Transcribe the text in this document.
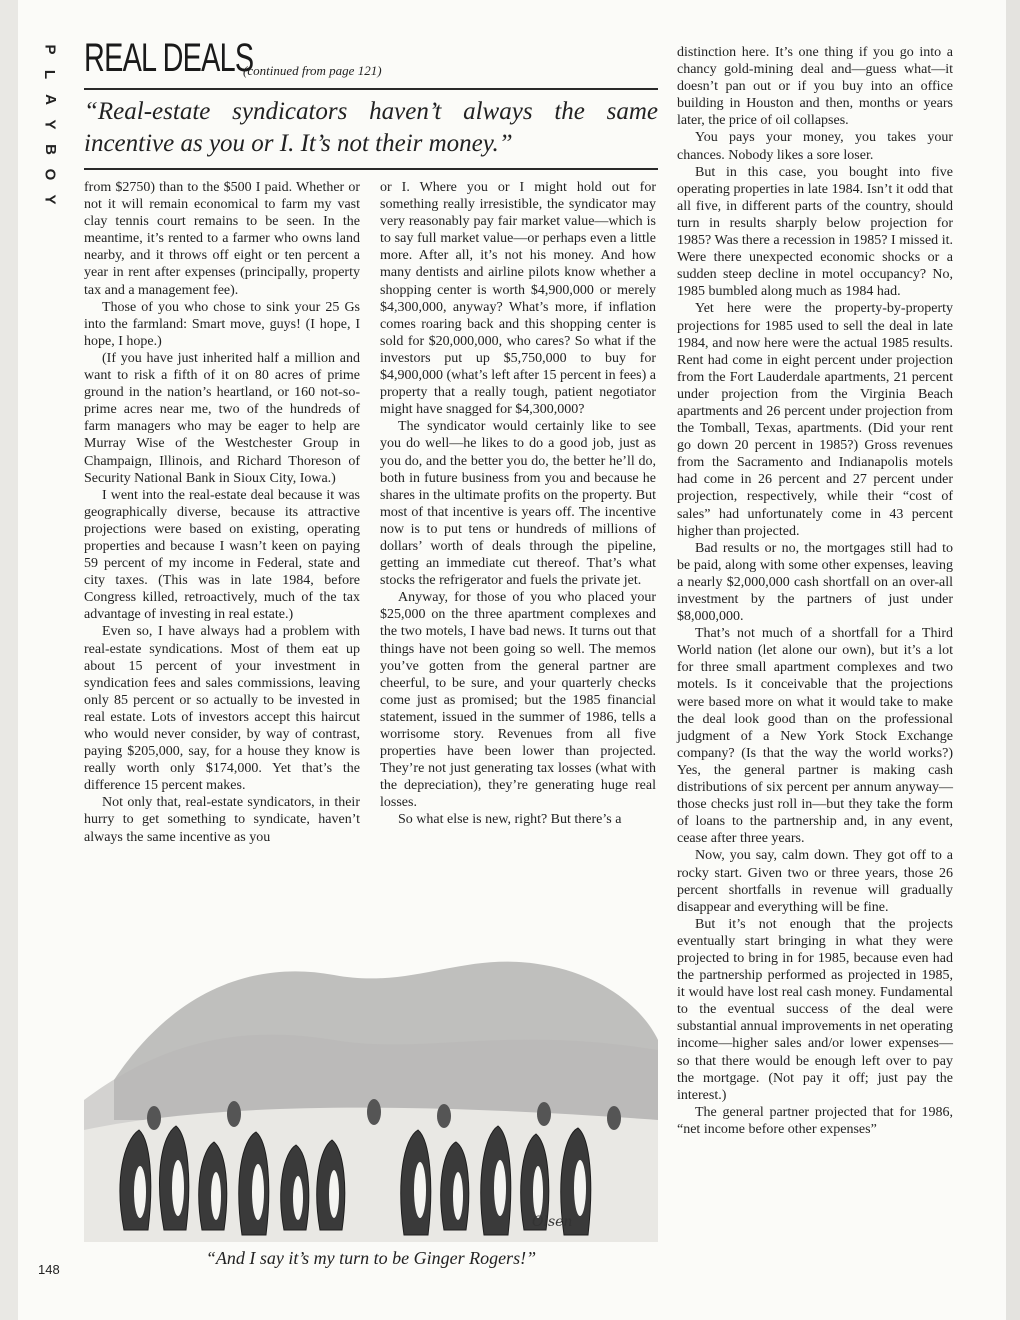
P
L
A
Y
B
O
Y
REAL DEALS
(continued from page 121)
“Real-estate syndicators haven’t always the same incentive as you or I. It’s not their money.”

from $2750) than to the $500 I paid. Whether or not it will remain economical to farm my vast clay tennis court remains to be seen. In the meantime, it’s rented to a farmer who owns land nearby, and it throws off eight or ten percent a year in rent after expenses (principally, property tax and a management fee).

Those of you who chose to sink your 25 Gs into the farmland: Smart move, guys! (I hope, I hope, I hope.)

(If you have just inherited half a million and want to risk a fifth of it on 80 acres of prime ground in the nation’s heartland, or 160 not-so-prime acres near me, two of the hundreds of farm managers who may be eager to help are Murray Wise of the Westchester Group in Champaign, Illinois, and Richard Thoreson of Security National Bank in Sioux City, Iowa.)

I went into the real-estate deal because it was geographically diverse, because its attractive projections were based on existing, operating properties and because I wasn’t keen on paying 59 percent of my income in Federal, state and city taxes. (This was in late 1984, before Congress killed, retroactively, much of the tax advantage of investing in real estate.)

Even so, I have always had a problem with real-estate syndications. Most of them eat up about 15 percent of your investment in syndication fees and sales commissions, leaving only 85 percent or so actually to be invested in real estate. Lots of investors accept this haircut who would never consider, by way of contrast, paying $205,000, say, for a house they know is really worth only $174,000. Yet that’s the difference 15 percent makes.

Not only that, real-estate syndicators, in their hurry to get something to syndicate, haven’t always the same incentive as you

or I. Where you or I might hold out for something really irresistible, the syndicator may very reasonably pay fair market value—which is to say full market value—or perhaps even a little more. After all, it’s not his money. And how many dentists and airline pilots know whether a shopping center is worth $4,900,000 or merely $4,300,000, anyway? What’s more, if inflation comes roaring back and this shopping center is sold for $20,000,000, who cares? So what if the investors put up $5,750,000 to buy for $4,900,000 (what’s left after 15 percent in fees) a property that a really tough, patient negotiator might have snagged for $4,300,000?

The syndicator would certainly like to see you do well—he likes to do a good job, just as you do, and the better you do, the better he’ll do, both in future business from you and because he shares in the ultimate profits on the property. But most of that incentive is years off. The incentive now is to put tens or hundreds of millions of dollars’ worth of deals through the pipeline, getting an immediate cut thereof. That’s what stocks the refrigerator and fuels the private jet.

Anyway, for those of you who placed your $25,000 on the three apartment complexes and the two motels, I have bad news. It turns out that things have not been going so well. The memos you’ve gotten from the general partner are cheerful, to be sure, and your quarterly checks come just as promised; but the 1985 financial statement, issued in the summer of 1986, tells a worrisome story. Revenues from all five properties have been lower than projected. They’re not just generating tax losses (what with the depreciation), they’re generating huge real losses.

So what else is new, right? But there’s a

distinction here. It’s one thing if you go into a chancy gold-mining deal and—guess what—it doesn’t pan out or if you buy into an office building in Houston and then, months or years later, the price of oil collapses.

You pays your money, you takes your chances. Nobody likes a sore loser.

But in this case, you bought into five operating properties in late 1984. Isn’t it odd that all five, in different parts of the country, should turn in results sharply below projection for 1985? Was there a recession in 1985? I missed it. Were there unexpected economic shocks or a sudden steep decline in motel occupancy? No, 1985 bumbled along much as 1984 had.

Yet here were the property-by-property projections for 1985 used to sell the deal in late 1984, and now here were the actual 1985 results. Rent had come in eight percent under projection from the Fort Lauderdale apartments, 21 percent under projection from the Virginia Beach apartments and 26 percent under projection from the Tomball, Texas, apartments. (Did your rent go down 20 percent in 1985?) Gross revenues from the Sacramento and Indianapolis motels had come in 26 percent and 27 percent under projection, respectively, while their “cost of sales” had unfortunately come in 43 percent higher than projected.

Bad results or no, the mortgages still had to be paid, along with some other expenses, leaving a nearly $2,000,000 cash shortfall on an over-all investment by the partners of just under $8,000,000.

That’s not much of a shortfall for a Third World nation (let alone our own), but it’s a lot for three small apartment complexes and two motels. Is it conceivable that the projections were based more on what it would take to make the deal look good than on the professional judgment of a New York Stock Exchange company? (Is that the way the world works?) Yes, the general partner is making cash distributions of six percent per annum anyway—those checks just roll in—but they take the form of loans to the partnership and, in any event, cease after three years.

Now, you say, calm down. They got off to a rocky start. Given two or three years, those 26 percent shortfalls in revenue will gradually disappear and everything will be fine.

But it’s not enough that the projects eventually start bringing in what they were projected to bring in for 1985, because even had the partnership performed as projected in 1985, it would have lost real cash money. Fundamental to the eventual success of the deal were substantial annual improvements in net operating income—higher sales and/or lower expenses—so that there would be enough left over to pay the mortgage. (Not pay it off; just pay the interest.)

The general partner projected that for 1986, “net income before other expenses”

Olsen
“And I say it’s my turn to be Ginger Rogers!”
148
